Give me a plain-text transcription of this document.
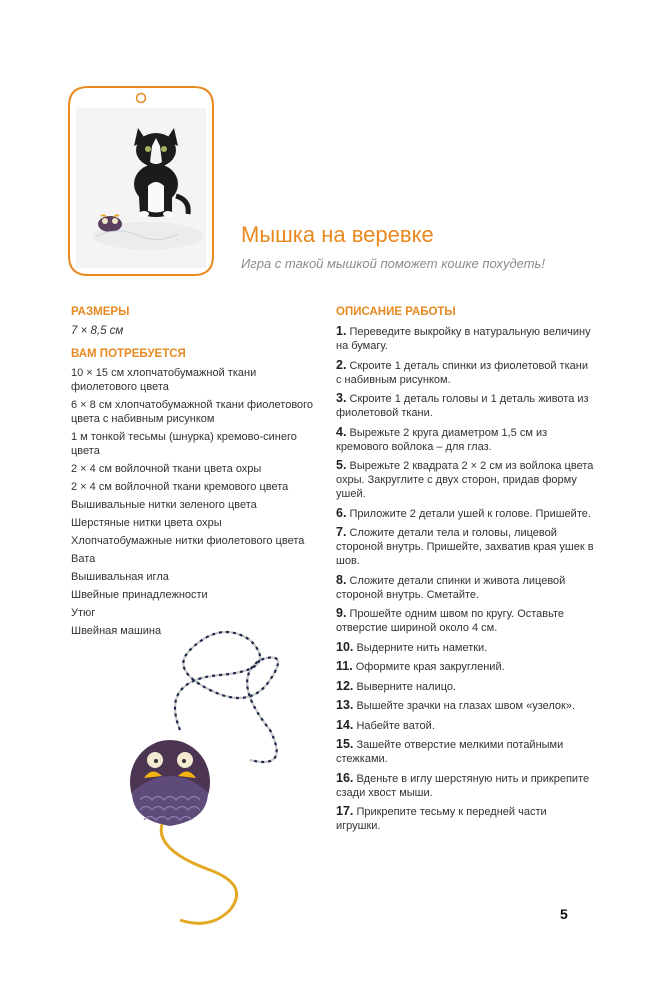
Мышка на веревке
Игра с такой мышкой поможет кошке похудеть!
РАЗМЕРЫ
7 × 8,5 см
ВАМ ПОТРЕБУЕТСЯ
10 × 15 см хлопчатобумажной ткани фиолетового цвета
6 × 8 см хлопчатобумажной ткани фиолетового цвета с набивным рисунком
1 м тонкой тесьмы (шнурка) кремово-синего цвета
2 × 4 см войлочной ткани цвета охры
2 × 4 см войлочной ткани кремового цвета
Вышивальные нитки зеленого цвета
Шерстяные нитки цвета охры
Хлопчатобумажные нитки фиолетового цвета
Вата
Вышивальная игла
Швейные принадлежности
Утюг
Швейная машина
ОПИСАНИЕ РАБОТЫ
1. Переведите выкройку в натуральную величину на бумагу.
2. Скроите 1 деталь спинки из фиолетовой ткани с набивным рисунком.
3. Скроите 1 деталь головы и 1 деталь живота из фиолетовой ткани.
4. Вырежьте 2 круга диаметром 1,5 см из кремового войлока – для глаз.
5. Вырежьте 2 квадрата 2 × 2 см из войлока цвета охры. Закруглите с двух сторон, придав форму ушей.
6. Приложите 2 детали ушей к голове. Пришейте.
7. Сложите детали тела и головы, лицевой стороной внутрь. Пришейте, захватив края ушек в шов.
8. Сложите детали спинки и живота лицевой стороной внутрь. Сметайте.
9. Прошейте одним швом по кругу. Оставьте отверстие шириной около 4 см.
10. Выдерните нить наметки.
11. Оформите края закруглений.
12. Выверните налицо.
13. Вышейте зрачки на глазах швом «узелок».
14. Набейте ватой.
15. Зашейте отверстие мелкими потайными стежками.
16. Вденьте в иглу шерстяную нить и прикрепите сзади хвост мыши.
17. Прикрепите тесьму к передней части игрушки.
5
